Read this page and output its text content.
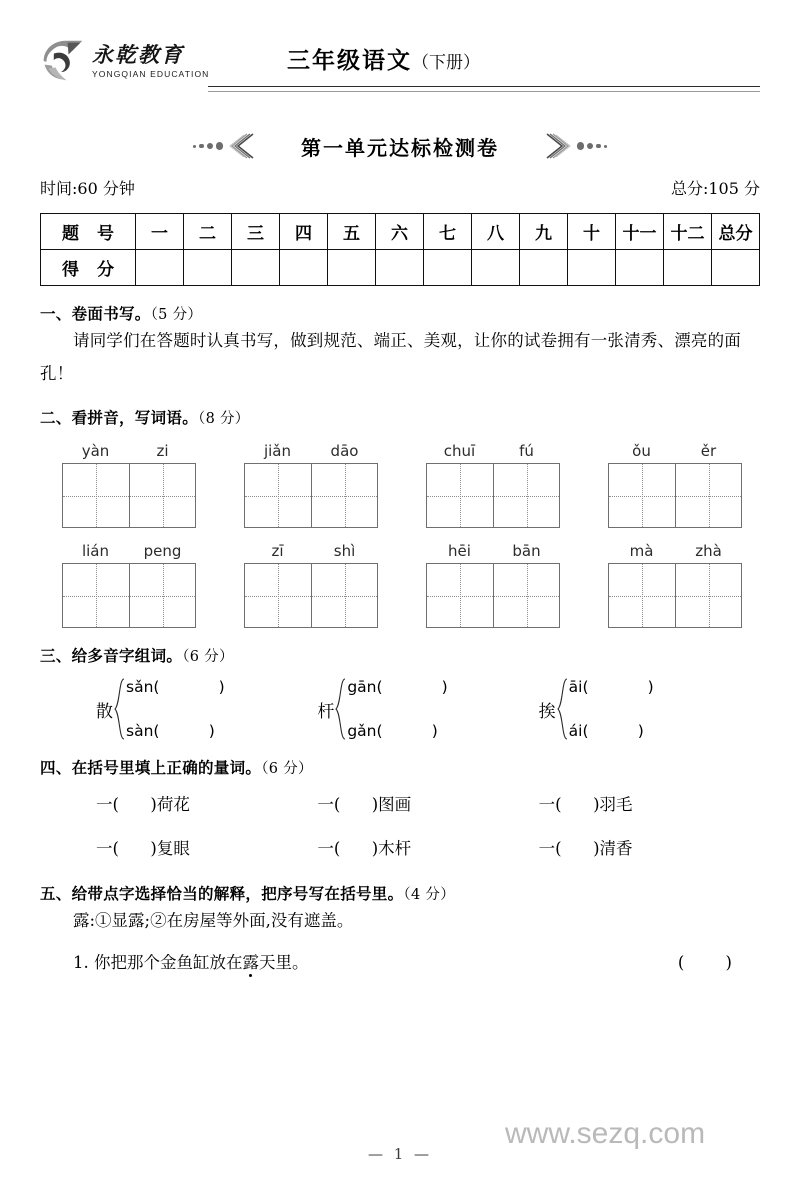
永乾教育
YONGQIAN EDUCATION	三年级语文（下册）
第一单元达标检测卷
时间:60 分钟	总分:105 分
题 号	一	二	三	四	五	六	七	八	九	十	十一	十二	总分
得 分													
一、卷面书写。（5 分）
请同学们在答题时认真书写，做到规范、端正、美观，让你的试卷拥有一张清秀、漂亮的面孔！
二、看拼音，写词语。（8 分）
yàn	zi	jiǎn	dāo	chuī	fú	ǒu	ěr
lián	peng	zī	shì	hēi	bān	mà	zhà
三、给多音字组词。（6 分）
散
sǎn(            )
sàn(          )
杆
gān(            )
gǎn(          )
挨
āi(            )
ái(          )
四、在括号里填上正确的量词。（6 分）
一(      )荷花	一(      )图画	一(      )羽毛
一(      )复眼	一(      )木杆	一(      )清香
五、给带点字选择恰当的解释，把序号写在括号里。（4 分）
露:①显露;②在房屋等外面,没有遮盖。
1. 你把那个金鱼缸放在露天里。	( )
— 1 —
www.sezq.com
